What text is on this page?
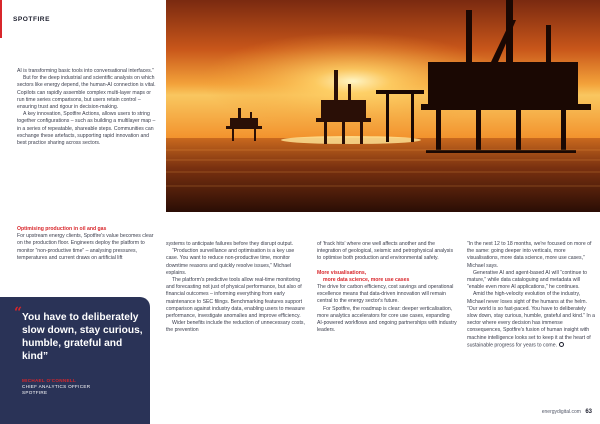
SPOTFIRE

AI is transforming basic tools into conversational interfaces.”

But for the deep industrial and scientific analysis on which sectors like energy depend, the human-AI connection is vital. Copilots can rapidly assemble complex multi-layer maps or run time series comparisons, but users retain control – ensuring trust and rigour in decision-making.

A key innovation, Spotfire Actions, allows users to string together configurations – such as building a multilayer map – in a series of repeatable, shareable steps. Communities can exchange these artefacts, supporting rapid innovation and best practice sharing across sectors.

Optimising production in oil and gas

For upstream energy clients, Spotfire's value becomes clear on the production floor. Engineers deploy the platform to monitor “non-productive time” – analysing pressures, temperatures and current draws on artificial lift

“ You have to deliberately slow down, stay curious, humble, grateful and kind”
MICHAEL O'CONNELL
CHIEF ANALYTICS OFFICER
SPOTFIRE

systems to anticipate failures before they disrupt output.

“Production surveillance and optimisation is a key use case. You want to reduce non-productive time, monitor downtime reasons and quickly resolve issues,” Michael explains.

The platform's predictive tools allow real-time monitoring and forecasting not just of physical performance, but also of financial outcomes – informing everything from early maintenance to SEC filings. Benchmarking features support comparison against industry data, enabling users to measure performance, investigate anomalies and improve efficiency.

Wider benefits include the reduction of unnecessary costs, the prevention

of ‘frack hits’ where one well affects another and the integration of geological, seismic and petrophysical analysis to optimise both production and environmental safety.

More visualisations,

more data science, more use cases

The drive for carbon efficiency, cost savings and operational excellence means that data-driven innovation will remain central to the energy sector's future.

For Spotfire, the roadmap is clear: deeper verticalisation, more analytics accelerators for core use cases, expanding AI-powered workflows and ongoing partnerships with industry leaders.

“In the next 12 to 18 months, we're focused on more of the same: going deeper into verticals, more visualisations, more data science, more use cases,” Michael says.

Generative AI and agent-based AI will “continue to mature,” while data cataloguing and metadata will “enable even more AI applications,” he continues.

Amid the high-velocity evolution of the industry, Michael never loses sight of the humans at the helm. “Our world is so fast-paced. You have to deliberately slow down, stay curious, humble, grateful and kind.” In a sector where every decision has immense consequences, Spotfire's fusion of human insight with machine intelligence looks set to keep it at the heart of sustainable progress for years to come.

energydigital.com 63
